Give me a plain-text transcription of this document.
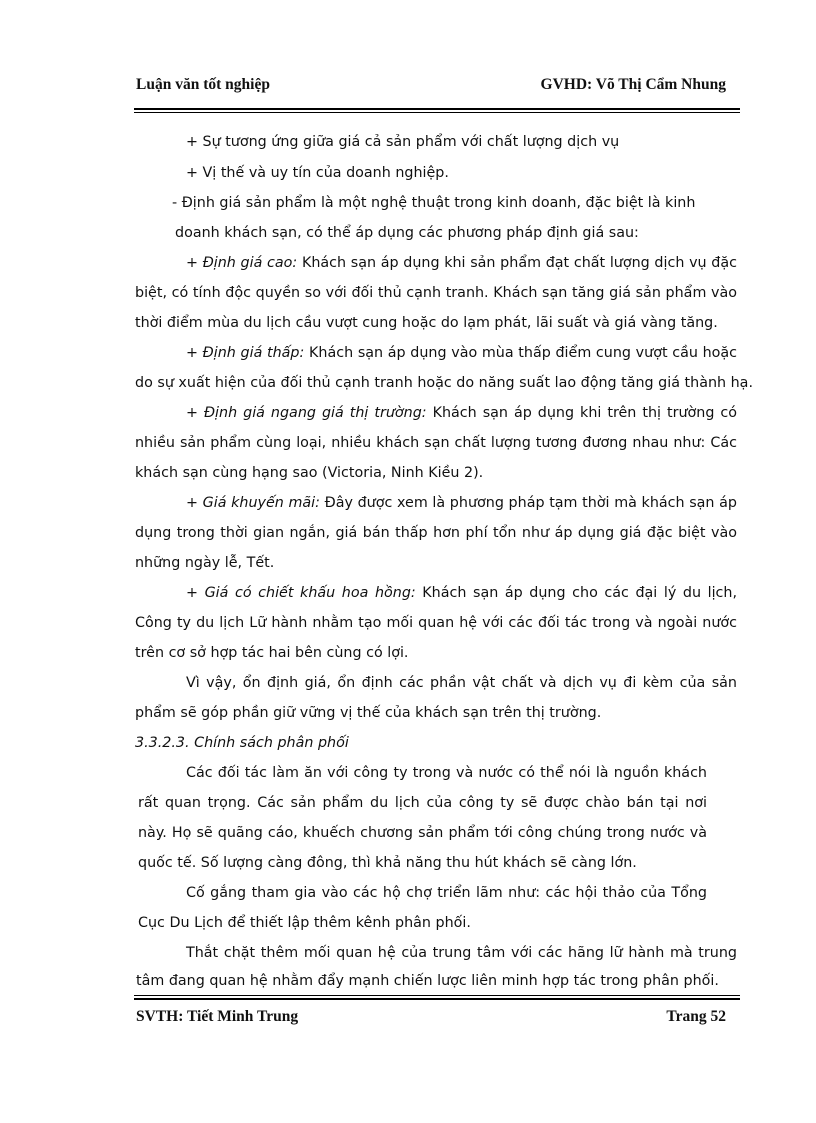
Luận văn tốt nghiệp	GVHD: Võ Thị Cẩm Nhung
+ Sự tương ứng giữa giá cả sản phẩm với chất lượng dịch vụ
+ Vị thế và uy tín của doanh nghiệp.
- Định giá sản phẩm là một nghệ thuật trong kinh doanh, đặc biệt là kinh
doanh khách sạn, có thể áp dụng các phương pháp định giá sau:
+ Định giá cao: Khách sạn áp dụng khi sản phẩm đạt chất lượng dịch vụ đặc
biệt, có tính độc quyền so với đối thủ cạnh tranh. Khách sạn tăng giá sản phẩm vào
thời điểm mùa du lịch cầu vượt cung hoặc do lạm phát, lãi suất và giá vàng tăng.
+ Định giá thấp: Khách sạn áp dụng vào mùa thấp điểm cung vượt cầu hoặc
do sự xuất hiện của đối thủ cạnh tranh hoặc do năng suất lao động tăng giá thành hạ.
+ Định giá ngang giá thị trường: Khách sạn áp dụng khi trên thị trường có
nhiều sản phẩm cùng loại, nhiều khách sạn chất lượng tương đương nhau như: Các
khách sạn cùng hạng sao (Victoria, Ninh Kiều 2).
+ Giá khuyến mãi: Đây được xem là phương pháp tạm thời mà khách sạn áp
dụng trong thời gian ngắn, giá bán thấp hơn phí tổn như áp dụng giá đặc biệt vào
những ngày lễ, Tết.
+ Giá có chiết khấu hoa hồng: Khách sạn áp dụng cho các đại lý du lịch,
Công ty du lịch Lữ hành nhằm tạo mối quan hệ với các đối tác trong và ngoài nước
trên cơ sở hợp tác hai bên cùng có lợi.
Vì vậy, ổn định giá, ổn định các phần vật chất và dịch vụ đi kèm của sản
phẩm sẽ góp phần giữ vững vị thế của khách sạn trên thị trường.
3.3.2.3. Chính sách phân phối
Các đối tác làm ăn với công ty trong và nước có thể nói là nguồn khách
rất quan trọng. Các sản phẩm du lịch của công ty sẽ được chào bán tại nơi
này. Họ sẽ quãng cáo, khuếch chương sản phẩm tới công chúng trong nước và
quốc tế. Số lượng càng đông, thì khả năng thu hút khách sẽ càng lớn.
Cố gắng tham gia vào các hộ chợ triển lãm như: các hội thảo của Tổng
Cục Du Lịch để thiết lập thêm kênh phân phối.
Thắt chặt thêm mối quan hệ của trung tâm với các hãng lữ hành mà trung
tâm đang quan hệ nhằm đẩy mạnh chiến lược liên minh hợp tác trong phân phối.
SVTH: Tiết Minh Trung	Trang 52
